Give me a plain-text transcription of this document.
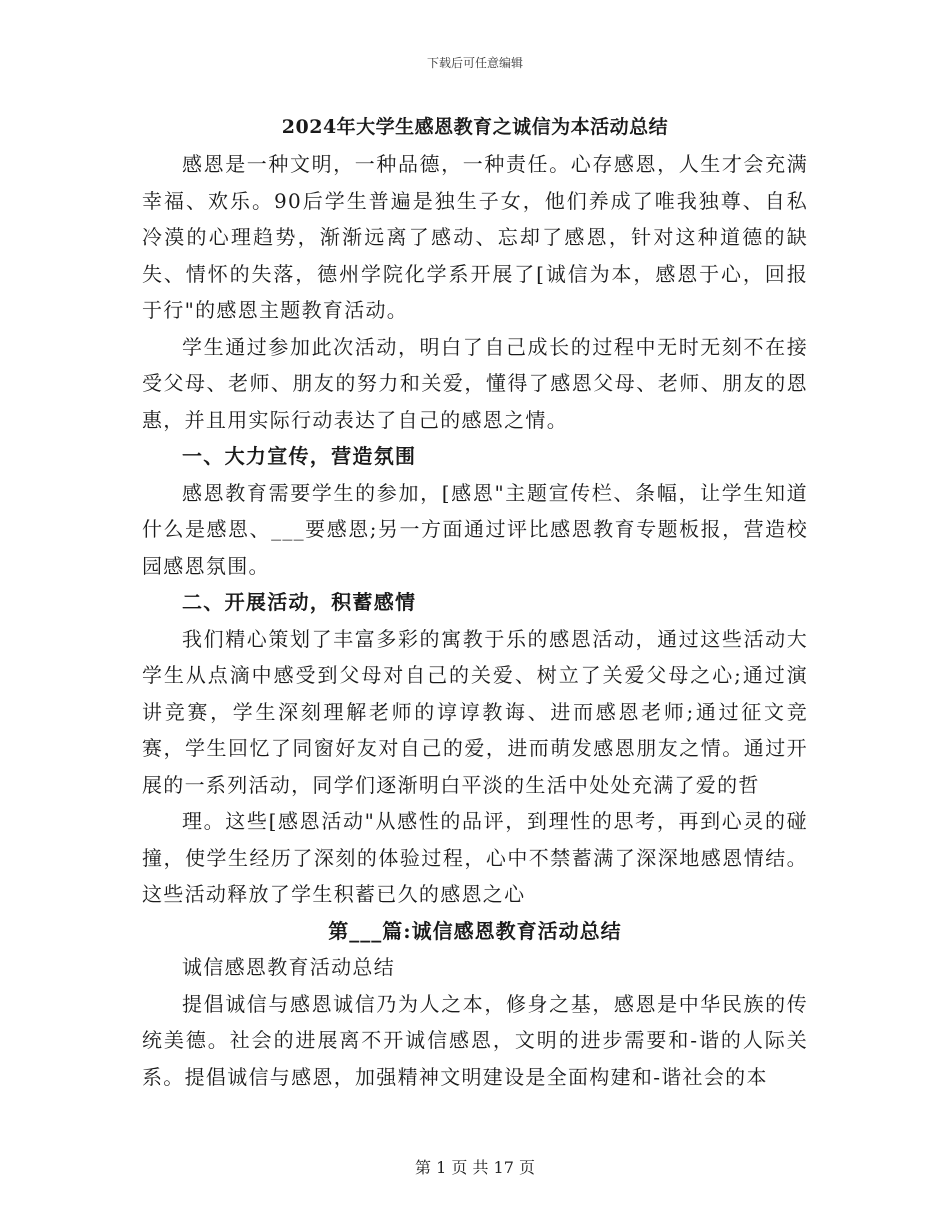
下载后可任意编辑
2024年大学生感恩教育之诚信为本活动总结

感恩是一种文明，一种品德，一种责任。心存感恩，人生才会充满幸福、欢乐。90后学生普遍是独生子女，他们养成了唯我独尊、自私冷漠的心理趋势，渐渐远离了感动、忘却了感恩，针对这种道德的缺失、情怀的失落，德州学院化学系开展了[诚信为本，感恩于心，回报于行"的感恩主题教育活动。

学生通过参加此次活动，明白了自己成长的过程中无时无刻不在接受父母、老师、朋友的努力和关爱，懂得了感恩父母、老师、朋友的恩惠，并且用实际行动表达了自己的感恩之情。

一、大力宣传，营造氛围

感恩教育需要学生的参加，[感恩"主题宣传栏、条幅，让学生知道什么是感恩、___要感恩;另一方面通过评比感恩教育专题板报，营造校园感恩氛围。

二、开展活动，积蓄感情

我们精心策划了丰富多彩的寓教于乐的感恩活动，通过这些活动大学生从点滴中感受到父母对自己的关爱、树立了关爱父母之心;通过演讲竞赛，学生深刻理解老师的谆谆教诲、进而感恩老师;通过征文竞赛，学生回忆了同窗好友对自己的爱，进而萌发感恩朋友之情。通过开展的一系列活动，同学们逐渐明白平淡的生活中处处充满了爱的哲

理。这些[感恩活动"从感性的品评，到理性的思考，再到心灵的碰撞，使学生经历了深刻的体验过程，心中不禁蓄满了深深地感恩情结。这些活动释放了学生积蓄已久的感恩之心

第___篇:诚信感恩教育活动总结

诚信感恩教育活动总结

提倡诚信与感恩诚信乃为人之本，修身之基，感恩是中华民族的传统美德。社会的进展离不开诚信感恩，文明的进步需要和-谐的人际关系。提倡诚信与感恩，加强精神文明建设是全面构建和-谐社会的本

第 1 页 共 17 页
